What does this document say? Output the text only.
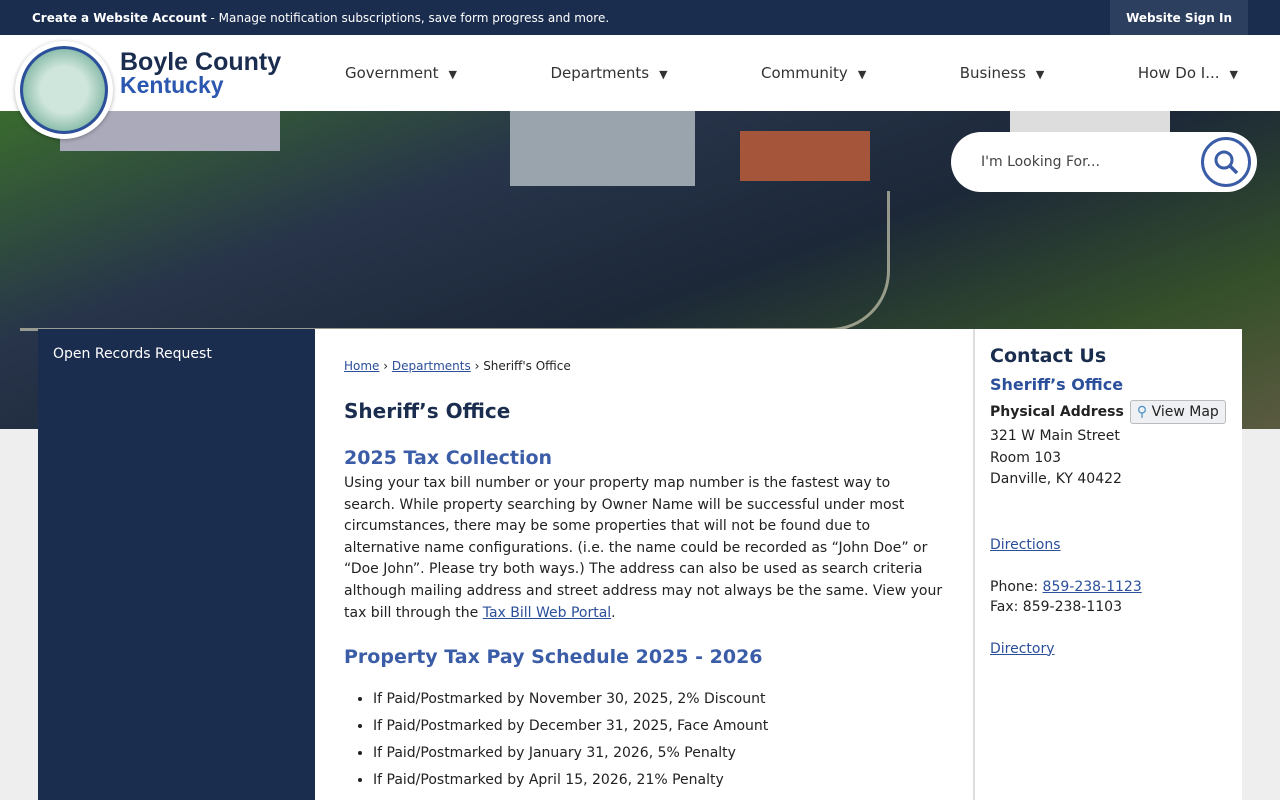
Create a Website Account - Manage notification subscriptions, save form progress and more.	Website Sign In
Boyle County
Kentucky	Government ▼	Departments ▼	Community ▼	Business ▼	How Do I... ▼
I'm Looking For...
Open Records Request
Home › Departments › Sheriff's Office
Sheriff’s Office
2025 Tax Collection

Using your tax bill number or your property map number is the fastest way to search. While property searching by Owner Name will be successful under most circumstances, there may be some properties that will not be found due to alternative name configurations. (i.e. the name could be recorded as “John Doe” or “Doe John”. Please try both ways.) The address can also be used as search criteria although mailing address and street address may not always be the same. View your tax bill through the Tax Bill Web Portal.

Property Tax Pay Schedule 2025 - 2026
• If Paid/Postmarked by November 30, 2025, 2% Discount
• If Paid/Postmarked by December 31, 2025, Face Amount
• If Paid/Postmarked by January 31, 2026, 5% Penalty
• If Paid/Postmarked by April 15, 2026, 21% Penalty
Contact Us
Sheriff’s Office
Physical Address ⚲ View Map
321 W Main Street
Room 103
Danville, KY 40422
Directions
Phone: 859-238-1123
Fax: 859-238-1103
Directory
